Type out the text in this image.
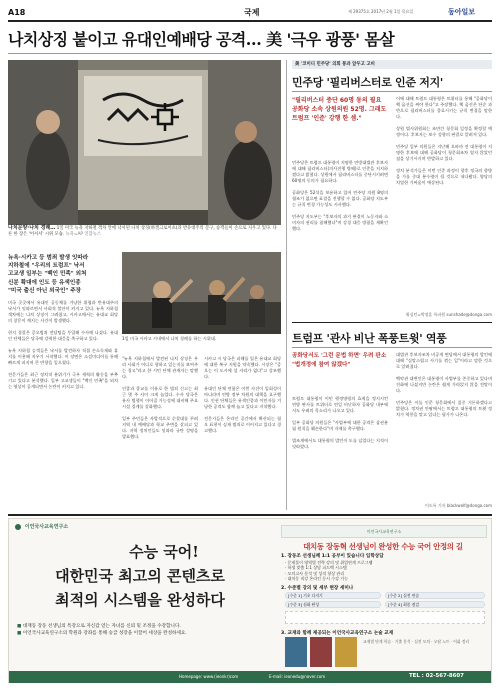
A18	국제	제 29375호 2017년 2월 1일 목요일	동아일보
나치상징 붙이고 유대인예배당 공격… 美 '극우 광풍' 몸살
나치문양·나치 경례… 1일 미국 뉴욕 지하철 객차 안에 낙서된 나치 상징(하켄크로이츠)과 반유대주의 문구, 승객들이 손으로 지우고 있다. 다른 한 장은 '어셔셔' 시위 모습. 뉴욕=AP 연합뉴스
뉴욕·시카고 등 범죄 발생 잇따라
지하철에 "우리의 트럼프" 낙서
고교생 일부는 "백인 민족" 외쳐
신분 확대에 인도 등 유색인종
"미국 출신 아닌 외국인" 주장
1일 미국 시카고 시내에서 나치 경례를 하는 시위대.
미국 곳곳에서 유대인 공동체를 겨냥한 위협과 반유대주의 낙서가 잇따르면서 사회적 불안이 커지고 있다. 뉴욕 지하철 객차에는 나치 상징이 그려졌고, 시카고에서는 유대교 회당의 창문이 깨지는 사건이 발생했다.

현지 경찰은 증오범죄 전담팀을 투입해 수사에 나섰다. 유대인 단체들은 당국에 강력한 대응을 촉구하고 있다.

뉴욕 지하철 승객들은 낙서를 발견하자 직접 손소독제와 휴지를 이용해 지우기 시작했다. 이 장면은 소셜미디어를 통해 빠르게 퍼지며 큰 반향을 일으켰다.

전문가들은 최근 정치적 분위기가 극우 세력의 활동을 부추기고 있다고 분석했다. 일부 고교생들이 "백인 민족"을 외치는 영상이 공개되면서 논란이 커지고 있다.
"뉴욕 지하철에서 발견된 나치 상징은 우리 사회가 어디로 향하고 있는지를 보여주는 경고"라고 한 시민 단체 관계자는 말했다.

인종과 종교를 이유로 한 범죄 신고는 최근 몇 주 사이 크게 늘었다. 수사 당국은 유사 범행이 이어질 가능성에 대비해 주요 시설 경계를 강화했다.

일부 주민들은 자발적으로 순찰대를 꾸려 지역 내 예배당과 학교 주변을 살피고 있다. 지역 정치인들도 잇따라 규탄 성명을 발표했다.
시카고 시 당국은 피해를 입은 유대교 회당에 대한 복구 지원을 약속했다. 시장은 "증오는 이 도시에 설 자리가 없다"고 강조했다.

유대인 단체 연합은 이번 사건이 일회성이 아니라며 연방 정부 차원의 대책을 요구했다. 인권 단체들은 유색인종과 이민자를 겨냥한 공격도 함께 늘고 있다고 지적했다.

전문가들은 온라인 공간에서 확산되는 혐오 표현이 실제 범죄로 이어지고 있다고 경고했다.
美 '코미디 민주당' 의회 통과 앞두고 고비
민주당 '필리버스터로 인준 저지'
"필리버스터 중단 60명 동의 필요 공화당 소속 상원의원 52명. 그래도 트럼프 '인준' 강행 한 셈."
민주당은 트럼프 대통령이 지명한 연방대법관 후보자에 대해 필리버스터(의사진행 방해)로 인준을 저지하겠다고 밝혔다. 상원에서 필리버스터를 중단시키려면 60명의 동의가 필요하다.

공화당은 52석을 보유하고 있어 민주당 의원 8명의 협조가 없으면 표결을 진행할 수 없다. 공화당 지도부는 규칙 변경 가능성도 시사했다.

민주당 지도부는 "후보자의 과거 판결이 노동자와 소비자의 권리를 침해했다"며 강경 대응 방침을 재확인했다.
이에 대해 트럼프 대통령은 트위터를 통해 "공화당이 핵 옵션을 써야 한다"고 주장했다. 핵 옵션은 단순 과반으로 필리버스터를 종료시키는 규칙 변경을 말한다.

상원 법사위원회는 조만간 청문회 일정을 확정할 예정이다. 후보자는 보수 성향의 판결로 알려져 있다.

민주당 일부 의원들은 지난해 오바마 전 대통령이 지명한 후보에 대해 공화당이 청문회조차 열지 않았던 점을 상기시키며 반발하고 있다.

정치 분석가들은 이번 인준 과정이 향후 정국의 향방을 가를 중대 분수령이 될 것으로 내다봤다. 양당의 치열한 기싸움이 예상된다.
워싱턴=박정훈 특파원 sunshade@donga.com
트럼프 '관사 비난 폭풍트윗' 역풍
공화당서도 '그런 문법 하면' 우려 판소 "법개정에 참여 않겠다"
트럼프 대통령이 이민 행정명령의 효력을 정지시킨 연방 판사를 트위터로 연일 비난하자 공화당 내부에서도 우려의 목소리가 나오고 있다.

일부 공화당 의원들은 "사법부에 대한 공격은 삼권분립 원칙을 훼손한다"며 자제를 촉구했다.

법조계에서도 대통령의 발언이 도를 넘었다는 지적이 잇따랐다.
대법관 후보자조차 비공개 면담에서 대통령의 발언에 대해 "실망스럽고 사기를 꺾는 일"이라고 말한 것으로 알려졌다.

백악관 대변인은 대통령이 사법부를 존중하고 있다며 진화에 나섰지만 논란은 쉽게 가라앉지 않을 전망이다.

민주당은 이를 인준 청문회에서 집중 거론하겠다고 밝혔다. 정치권 안팎에서는 트럼프 대통령의 트윗 정치가 역풍을 맞고 있다는 평가가 나온다.
이도특 기자 blackwolf@donga.com
이언국사교육연구소
수능 국어!
대한민국 최고의 콘텐츠로
최적의 시스템을 완성하다
■ 대재동 장동 선생님의 특강으로 자신감 얻는 자녀를 신뢰 및 조정을 수강합니다.
■ 이언국사교육연구소의 학원과 강좌를 통해 승급 성장을 이끌어 세상을 완성하세요.
이언국사교육연구소
대치동 장동혁 선생님이 완성한 수능 국어 안정의 길
1. 장동조 선생님께 1:1 공부이 있습니다 입학상담
· 문제풀이 영역별 전략 강의 및 취업연계 프로그램
· 학생 맞춤 1:1 상담 피드백 시스템
· 모의고사 분석 및 성적 향상 관리
· 대치동 직강 온라인 동시 수강 가능
2. 수준별 강의 및 세부 현장 세미나
[수준 1] 기초 다지기	[수준 2] 실전 연습
[수준 3] 심화 완성	[수준 4] 최종 점검
3. 교재와 함께 제공되는 이언국사교육연구소 논술 교재
교재별 단계 학습 · 기출 분석 · 실전 모의 · 오답 노트 · 어휘 정리
Homepage: www.(ieonkr)com	E-mail: ieonedu@naver.com	TEL : 02-567-8607
